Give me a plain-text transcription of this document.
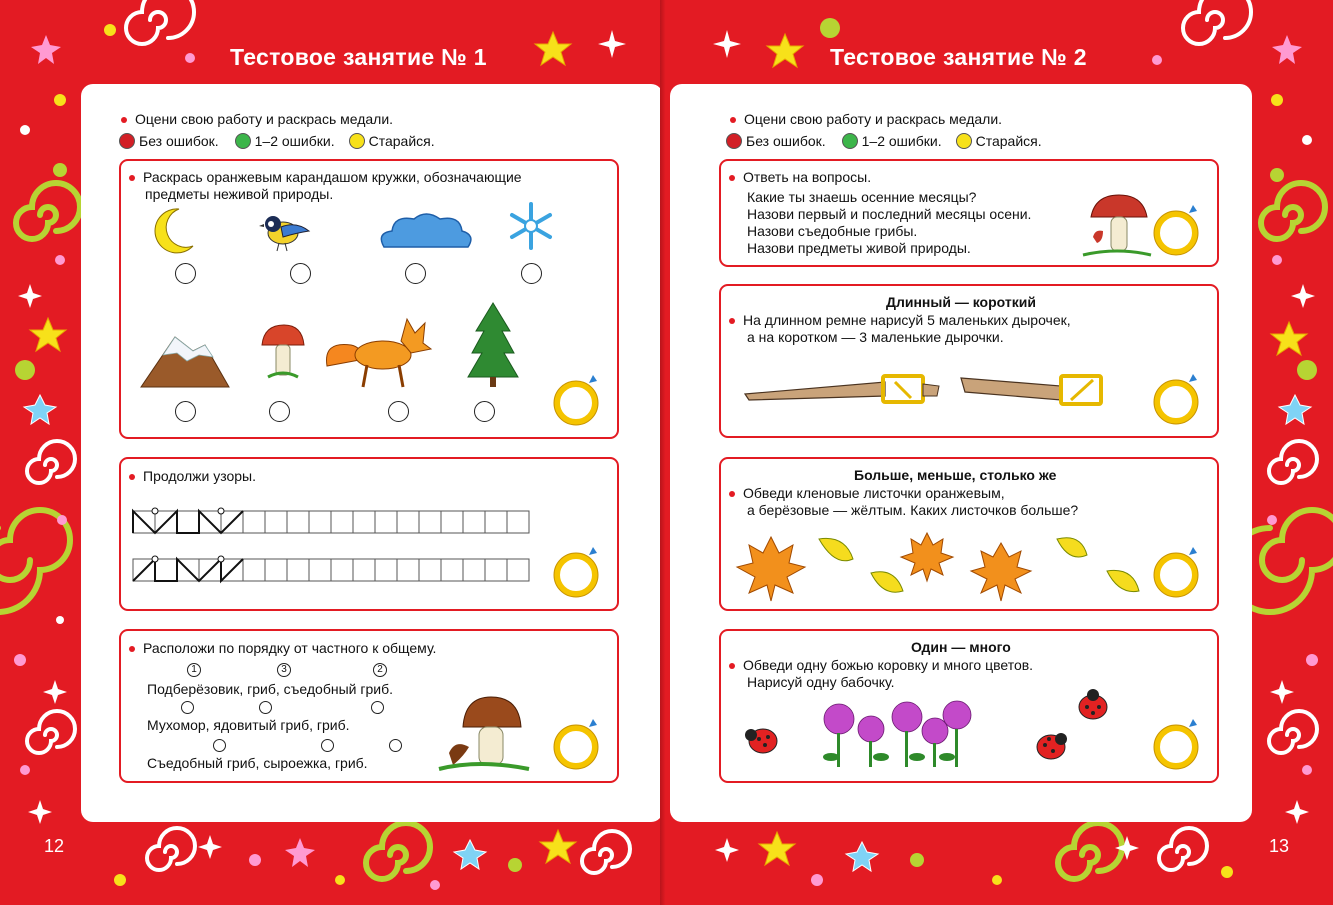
Тестовое занятие № 1
Оцени свою работу и раскрась медали.
Без ошибок.	1–2 ошибки. Старайся.
Раскрась оранжевым карандашом кружки, обозначающие
предметы неживой природы.
Продолжи узоры.
Расположи по порядку от частного к общему.
1	3	2
Подберёзовик, гриб, съедобный гриб.
Мухомор, ядовитый гриб, гриб.
Съедобный гриб, сыроежка, гриб.
12
Тестовое занятие № 2
Оцени свою работу и раскрась медали.
Без ошибок.	1–2 ошибки. Старайся.
Ответь на вопросы.
Какие ты знаешь осенние месяцы?
Назови первый и последний месяцы осени.
Назови съедобные грибы.
Назови предметы живой природы.
Длинный — короткий
На длинном ремне нарисуй 5 маленьких дырочек,
а на коротком — 3 маленькие дырочки.
Больше, меньше, столько же
Обведи кленовые листочки оранжевым,
а берёзовые — жёлтым. Каких листочков больше?
Один — много
Обведи одну божью коровку и много цветов.
Нарисуй одну бабочку.
13
